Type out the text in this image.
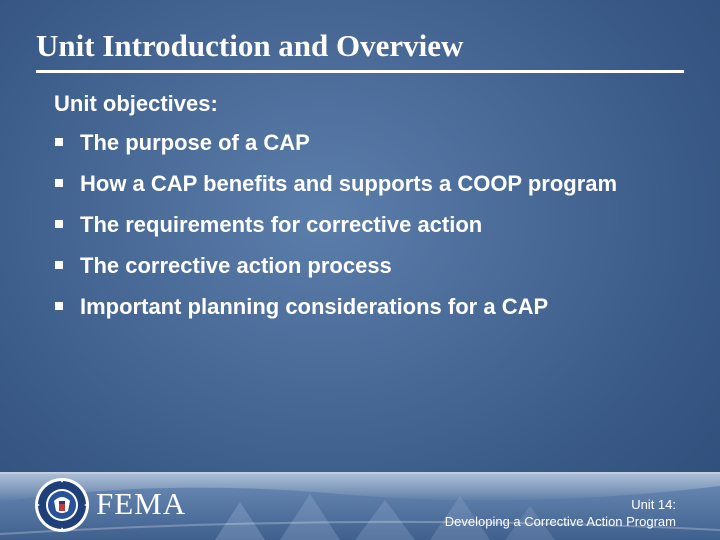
Unit Introduction and Overview
Unit objectives:
The purpose of a CAP
How a CAP benefits and supports a COOP program
The requirements for corrective action
The corrective action process
Important planning considerations for a CAP
FEMA	Unit 14:
Developing a Corrective Action Program
